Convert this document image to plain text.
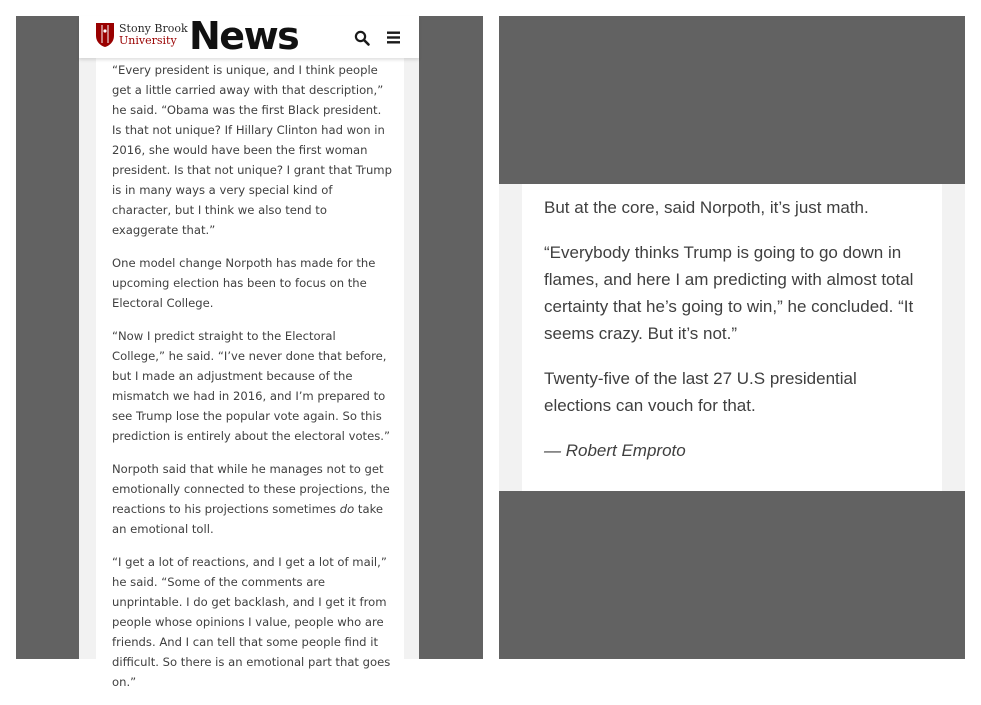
“Every president is unique, and I think people get a little carried away with that description,” he said. “Obama was the first Black president. Is that not unique? If Hillary Clinton had won in 2016, she would have been the first woman president. Is that not unique? I grant that Trump is in many ways a very special kind of character, but I think we also tend to exaggerate that.”

One model change Norpoth has made for the upcoming election has been to focus on the Electoral College.

“Now I predict straight to the Electoral College,” he said. “I’ve never done that before, but I made an adjustment because of the mismatch we had in 2016, and I’m prepared to see Trump lose the popular vote again. So this prediction is entirely about the electoral votes.”

Norpoth said that while he manages not to get emotionally connected to these projections, the reactions to his projections sometimes do take an emotional toll.

“I get a lot of reactions, and I get a lot of mail,” he said. “Some of the comments are unprintable. I do get backlash, and I get it from people whose opinions I value, people who are friends. And I can tell that some people find it difficult. So there is an emotional part that goes on.”

Stony Brook
University News

But at the core, said Norpoth, it’s just math.

“Everybody thinks Trump is going to go down in flames, and here I am predicting with almost total certainty that he’s going to win,” he concluded. “It seems crazy. But it’s not.”

Twenty-five of the last 27 U.S presidential elections can vouch for that.

— Robert Emproto
